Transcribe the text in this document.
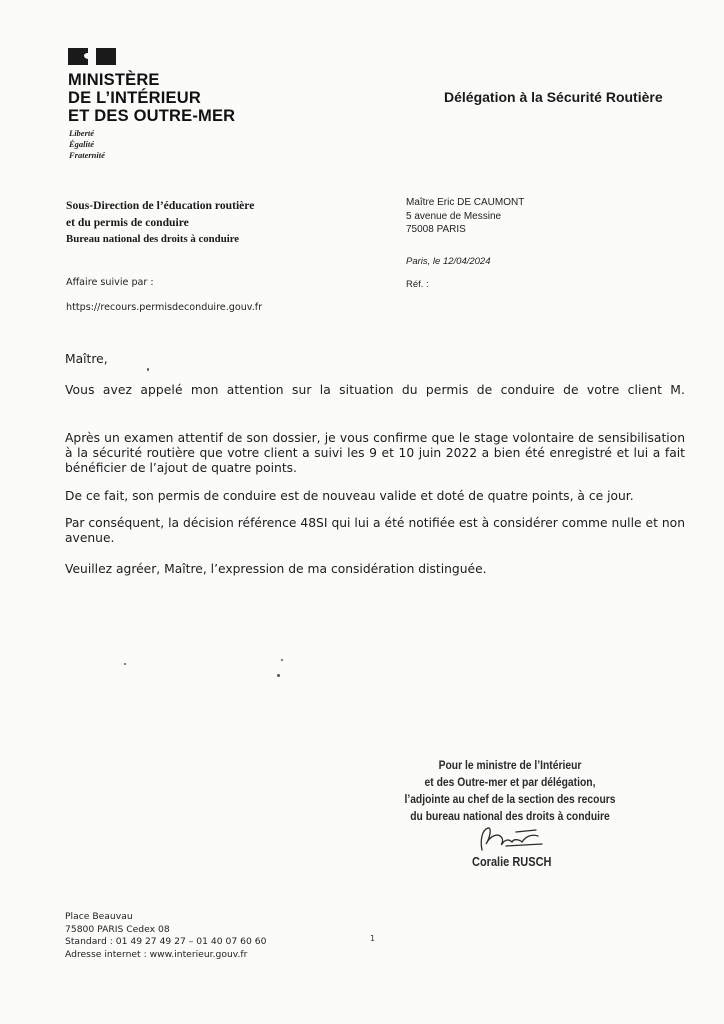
MINISTÈRE
DE L’INTÉRIEUR
ET DES OUTRE-MER
Liberté
Égalité
Fraternité
Délégation à la Sécurité Routière
Sous-Direction de l’éducation routière
et du permis de conduire
Bureau national des droits à conduire
Affaire suivie par :
https://recours.permisdeconduire.gouv.fr
Maître Eric DE CAUMONT
5 avenue de Messine
75008 PARIS
Paris, le 12/04/2024
Réf. :

Maître,

Vous avez appelé mon attention sur la situation du permis de conduire de votre client M.

Après un examen attentif de son dossier, je vous confirme que le stage volontaire de sensibilisation à la sécurité routière que votre client a suivi les 9 et 10 juin 2022 a bien été enregistré et lui a fait bénéficier de l’ajout de quatre points.

De ce fait, son permis de conduire est de nouveau valide et doté de quatre points, à ce jour.

Par conséquent, la décision référence 48SI qui lui a été notifiée est à considérer comme nulle et non avenue.

Veuillez agréer, Maître, l’expression de ma considération distinguée.

Pour le ministre de l’Intérieur
et des Outre-mer et par délégation,
l’adjointe au chef de la section des recours
du bureau national des droits à conduire
Coralie RUSCH
Place Beauvau
75800 PARIS Cedex 08
Standard : 01 49 27 49 27 – 01 40 07 60 60
Adresse internet : www.interieur.gouv.fr
1
